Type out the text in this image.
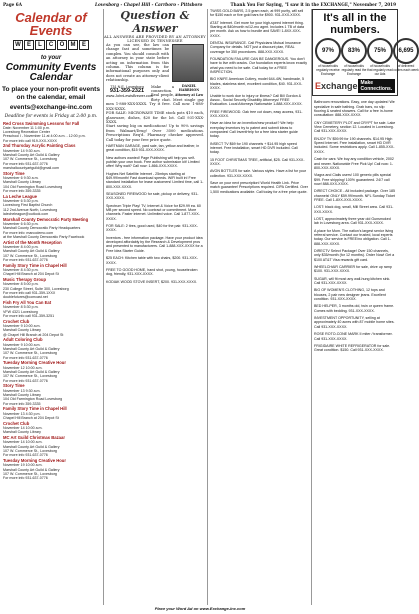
Page 6A	Lovesborg - Chapel Hill - Carrboro - Pittsboro	Thank You For Saying, "I saw it in the EXCHANGE," November 7, 2019
Calendar of Events
W	E	L	C	O	M	E
to your
Community Events Calendar
To place your non-profit events on the calendar, email
events@exchange-inc.com
Deadline for events is Friday at 2:00 p.m.
Red Cross Swimming Lessons for Fall

Date: November 11 1:00 p.m.
Lovesborg Recreation Center
Preschool I - November 11 at 4:00 a.m. - 12:00 p.m.
For more info call 919-XXX-XXXX

2nd Thursday Acrylic Painting Class

November 14 9:30 a.m.
Marshall County Art Guild & Gallery
107 W. Commerce St., Lovesborg
For more info 931-637-0776 marshallcountyartguild@gmail.com

Story Time

November 6 9:30 a.m.
Marshall County Library
104 Old Farmington Road Lovesborg
For more info 359-3335

La Leche League

November 6 5:30 p.m.
Lovesborg First Baptist Church
112 2nd Avenue North, Lovesborg
lalecheleague@outlook.com

Marshall County Democratic Party Meeting

November 6 6:30 p.m.
Marshall County Democratic Party Headquarters
For more info: marcodemo.com
at the Marshall County Democratic Party Facebook

Artist of the Month Reception

November 8 4:00 p.m.
Marshall County Art Guild & Gallery
107 W. Commerce St., Lovesborg
For more info 931-637-0776

Family Story Time in Chapel Hill

November 8 4:30 p.m.
Chapel Hill Branch at 204 Depot St

Music Therapy Group

November 8 5:00 p.m.
230 College Street, Suite 300, Lovesborg
For more info call 931-359-1XXX
doublefutures@comcast.net

Fish Fry All You Can Eat

November 8 5:30 p.m.
VFW 4321 Lovesborg
For more info call 931-359-3251

Crochet Club

November 9 10:00 a.m.
Marshall County Library
@ Chapel Hill Branch at 204 Depot St

Adult Coloring Club

November 9 10:00 a.m.
Marshall County Art Guild & Gallery
107 W. Commerce St., Lovesborg
For more info 931-637-0776

Tuesday Morning Creative Hour

November 12 10:00 a.m.
Marshall County Art Guild & Gallery
107 W. Commerce St., Lovesborg
For more info 931-637-0776

Story Time

November 13 9:30 a.m.
Marshall County Library
104 Old Farmington Road Lovesborg
For more info 359-3335

Family Story Time in Chapel Hill

November 13 4:30 p.m.
Chapel Hill Branch at 204 Depot St

Crochet Club

November 14 10:00 a.m.
Marshall County Library

MC Art Guild Christmas Bazaar

November 14 10:00 a.m.
Marshall County Art Guild & Gallery
107 W. Commerce St., Lovesborg
For more info 931-637-0776

Tuesday Morning Creative Hour

November 19 10:00 a.m.
Marshall County Art Guild & Gallery
107 W. Commerce St., Lovesborg
For more info 931-637-0776

Question & Answer
ALL ANSWERS ARE PROVIDED BY AN ATTORNEY LICENSED IN TENNESSEE
DANIEL HARRISON Attorney at Law
As you can see, the law can change fast and sometimes be complex. You should consult with an attorney in your state before acting on information from this column. This column is for informational purposes only and does not create an attorney-client relationship.
731 N.E. Lovesborg
931-359-2321
www.JohnLewisBrewer.com

Make a connection. Real people, flirty chat. Meet single gay men 1-888-XXX-XXXX. Try it free. Call now. 1-888-XXX-XXXX.
FOR SALE: MICROWAVE TIME stock pots $10 each, glassware, dishes, $20 for the lot. Call 931-XXX-XXXX.
Start saving big on medications! Up to 90% savings from Walmart/Drug! Over 3500 medications. Prescriptions Req'd. Pharmacy checker approved. Call today for your free price quote.

HARTMAN GARAGE, yard sale, tan, yellow and leather, in great condition, $15 931-XXX-XXXX.

New authors wanted! Page Publishing will help you self-publish your own book. Free author submission kit! Limited offer! Why wait? Call now: 1-866-XXX-XXXX.

Hughes Net Satellite Internet - 25mbps starting at $49.99/month! Fast download speeds. WiFi built in! Free standard installation for lease customers! Limited time, call 1-800-XXX-XXXX.

SEASONED FIREWOOD for sale, pickup or delivery, 931-XXX-XXXX.

Spectrum Triple Play! TV, Internet & Voice for $29.99 ea. 60 MB per second speed. No contract or commitment. More channels. Faster internet. Unlimited voice. Call 1-877-XXX-XXXX.

FOR SALE: 2 tires, good used, $40 for the pair. 931-XXX-XXXX.

Inventors - free information package. Have your product idea developed affordably by the Research & Development pros and presented to manufacturers. Call 1-888-XXX-XXXX for a Free Idea Starter Guide.

$25 EACH: Kitchen table with two chairs, $200. 931-XXX-XXXX.

FREE TO GOOD HOME, hand shot, young, housebroken dog, friendly, 931-XXX-XXXX.

KODIAK WOOD STOVE INSERT, $200. 931-XXX-XXXX.

TWISS GOLD BARS, 2.5 gram each, at 999 purity, will sell for $150 each or five gold bars for $900. 931-XXX-XXXX.

AT&T Internet. Get more for your high-speed internet thing. Starting at $40/month w/12-mo agmt. Includes 1 TB of data per month. Ask us how to bundle and SAVE! 1-8XX-XXX-XXXX.

DENTAL INSURANCE. Call Physicians Mutual Insurance Company for details. NOT just a discount plan, REAL coverage for 350 procedures. 888-XXX-XXXX.

FOUNDATION FAILURE CAN BE DANGEROUS. You don't have to live with cracks. Our foundation experts know exactly what you need to be safe. Call today for a FREE INSPECTION.

BIG KNIFE American Cutlery, model 644-4W, handmade, 5 blades, stainless steel, excellent condition, $40. 931-XXX-XXXX.

Unable to work due to injury or illness? Call Bill Gordon & Assoc., Social Security Disability Attorneys! FREE Evaluation. Local Attorneys Nationwide 1-888-XXX-XXXX.

FREE FIREWOOD. Oak tree cut down, easy access, 931-XXX-XXXX.

Have an idea for an invention/new product? We help everyday inventors try to patent and submit ideas to companies! Call InventHelp for a free idea starter guide today.

INSECT TV $69 for 190 channels + $14.95 high speed internet. Free installation, smart HD DVR included. Call today.

15 FOOT CHRISTMAS TREE, artificial, $25. Call 931-XXX-XXXX.

AVON BOTTLES for sale. Various styles. Have a list for your collection. 931-XXX-XXXX.

Save on your next prescription! World Health Link. Price match guarantee! Prescriptions required. CIPA Certified. Over 1,500 medications available. Call today for a free price quote.

It's all in the numbers.
97%
of households regularly receive Exchange
83%
of households regularly read the Exchange
75%
of households that regularly read our Ads
6,695
of delivered copies each week
Exchange Make Connections.

Bathroom renovations. Easy, one day updates! We specialize in safe bathing. Grab bars, no slip flooring & seated showers. Call for a free in-home consultation: 888-XXX-XXXX.

CNY CEMETERY PLOT and CRYPT for sale. Lake View Cemetery, section 12. Located in Lovesborg. Call 931-XXX-XXXX.

ENJOY TV $59.99 for 190 channels. $14.95 High Speed Internet. Free installation, smart HD DVR included. Some restrictions apply. Call 1-855-XXX-XXXX.

Cash for cars: We buy any condition vehicle, 2002 and newer. Nationwide Free Pick Up! Call now: 1-800-XXX-XXXX.

Viagra and Cialis users! 100 generic pills special $99. Free shipping! 100% guaranteed. 24/7 call now! 888-XXX-XXXX.

DIRECT CHOICE - All included package. Over 185 channels! ONLY $59.99/month. NFL Sunday Ticket FREE. Call 1-8XX-XXX-XXXX.

LOST: black dog, small, Mill Street area. Call 931-XXX-XXXX.

LOST, approximately three year old Gunsmoked lab in Lovesborg area. Call 931-XXX-XXXX.

A place for Mom. The nation's largest senior living referral service. Contact our trusted, local experts today. Our service is FREE/no obligation. Call 1-888-XXX-XXXX.

DIRECTV Select Package! Over 150 channels, only $35/month (for 12 months). Order Now! Get a $100 AT&T Visa rewards gift card.

WHEELCHAIR CARRIER for sale, drive up ramp $100. 931-XXX-XXXX.

SUGAR, will fit most any wall-hung kitchen sink. Call 931-XXX-XXXX.

BIG OF WOMEN'S CLOTHING, 12 tops and blouses, 2 pair new designer jeans. Excellent condition. 931-XXX-XXXX.

BED HELPER, 3 months old, twin or queen frame. Comes with bedding. 931-XXX-XXXX.

INVESTMENT OPPORTUNITY, selling at approximately 40 acres with 87 mobile home sites. Call 931-XXX-XXXX.

ROSE ROTO-CONE MARK II miter / transformer. Call 931-XXX-XXXX.

FRIGIDAIRE WHITE REFRIGERATOR for sale. Great condition. $150. Call 931-XXX-XXXX.

Place your Word Ad on www.Exchange-Inc.com
